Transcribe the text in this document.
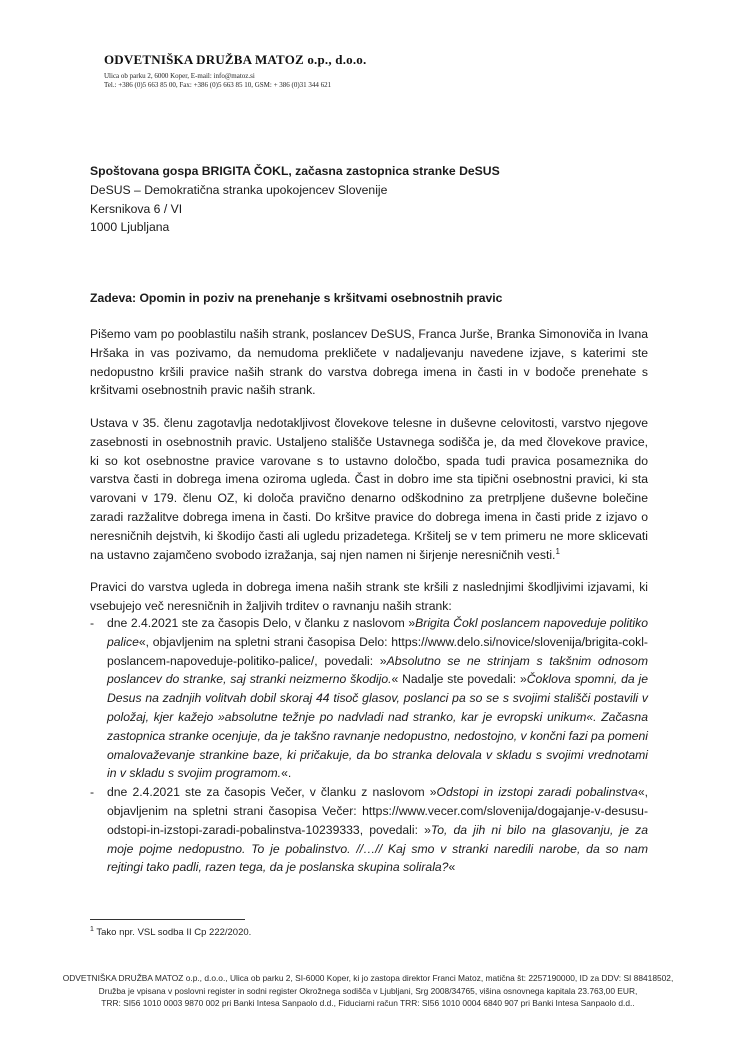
ODVETNIŠKA DRUŽBA MATOZ o.p., d.o.o.
Ulica ob parku 2, 6000 Koper, E-mail: info@matoz.si
Tel.: +386 (0)5 663 85 00, Fax: +386 (0)5 663 85 10, GSM: + 386 (0)31 344 621
Spoštovana gospa BRIGITA ČOKL, začasna zastopnica stranke DeSUS
DeSUS – Demokratična stranka upokojencev Slovenije
Kersnikova 6 / VI
1000 Ljubljana
Zadeva: Opomin in poziv na prenehanje s kršitvami osebnostnih pravic
Pišemo vam po pooblastilu naših strank, poslancev DeSUS, Franca Jurše, Branka Simonoviča in Ivana Hršaka in vas pozivamo, da nemudoma prekličete v nadaljevanju navedene izjave, s katerimi ste nedopustno kršili pravice naših strank do varstva dobrega imena in časti in v bodoče prenehate s kršitvami osebnostnih pravic naših strank.
Ustava v 35. členu zagotavlja nedotakljivost človekove telesne in duševne celovitosti, varstvo njegove zasebnosti in osebnostnih pravic. Ustaljeno stališče Ustavnega sodišča je, da med človekove pravice, ki so kot osebnostne pravice varovane s to ustavno določbo, spada tudi pravica posameznika do varstva časti in dobrega imena oziroma ugleda. Čast in dobro ime sta tipični osebnostni pravici, ki sta varovani v 179. členu OZ, ki določa pravično denarno odškodnino za pretrpljene duševne bolečine zaradi razžalitve dobrega imena in časti. Do kršitve pravice do dobrega imena in časti pride z izjavo o neresničnih dejstvih, ki škodijo časti ali ugledu prizadetega. Kršitelj se v tem primeru ne more sklicevati na ustavno zajamčeno svobodo izražanja, saj njen namen ni širjenje neresničnih vesti.$^1$
Pravici do varstva ugleda in dobrega imena naših strank ste kršili z naslednjimi škodljivimi izjavami, ki vsebujejo več neresničnih in žaljivih trditev o ravnanju naših strank:
- dne 2.4.2021 ste za časopis Delo, v članku z naslovom »Brigita Čokl poslancem napoveduje politiko palice«, objavljenim na spletni strani časopisa Delo: https://www.delo.si/novice/slovenija/brigita-cokl-poslancem-napoveduje-politiko-palice/, povedali: »Absolutno se ne strinjam s takšnim odnosom poslancev do stranke, saj stranki neizmerno škodijo.« Nadalje ste povedali: »Čoklova spomni, da je Desus na zadnjih volitvah dobil skoraj 44 tisoč glasov, poslanci pa so se s svojimi stališči postavili v položaj, kjer kažejo »absolutne težnje po nadvladi nad stranko, kar je evropski unikum«. Začasna zastopnica stranke ocenjuje, da je takšno ravnanje nedopustno, nedostojno, v končni fazi pa pomeni omalovaževanje strankine baze, ki pričakuje, da bo stranka delovala v skladu s svojimi vrednotami in v skladu s svojim programom.«.
- dne 2.4.2021 ste za časopis Večer, v članku z naslovom »Odstopi in izstopi zaradi pobalinstva«, objavljenim na spletni strani časopisa Večer: https://www.vecer.com/slovenija/dogajanje-v-desusu-odstopi-in-izstopi-zaradi-pobalinstva-10239333, povedali: »To, da jih ni bilo na glasovanju, je za moje pojme nedopustno. To je pobalinstvo. //…// Kaj smo v stranki naredili narobe, da so nam rejtingi tako padli, razen tega, da je poslanska skupina solirala?«
$^1$ Tako npr. VSL sodba II Cp 222/2020.
ODVETNIŠKA DRUŽBA MATOZ o.p., d.o.o., Ulica ob parku 2, SI-6000 Koper, ki jo zastopa direktor Franci Matoz, matična št: 2257190000, ID za DDV: SI 88418502,
Družba je vpisana v poslovni register in sodni register Okrožnega sodišča v Ljubljani, Srg 2008/34765, višina osnovnega kapitala 23.763,00 EUR,
TRR: SI56 1010 0003 9870 002 pri Banki Intesa Sanpaolo d.d., Fiduciarni račun TRR: SI56 1010 0004 6840 907 pri Banki Intesa Sanpaolo d.d..
